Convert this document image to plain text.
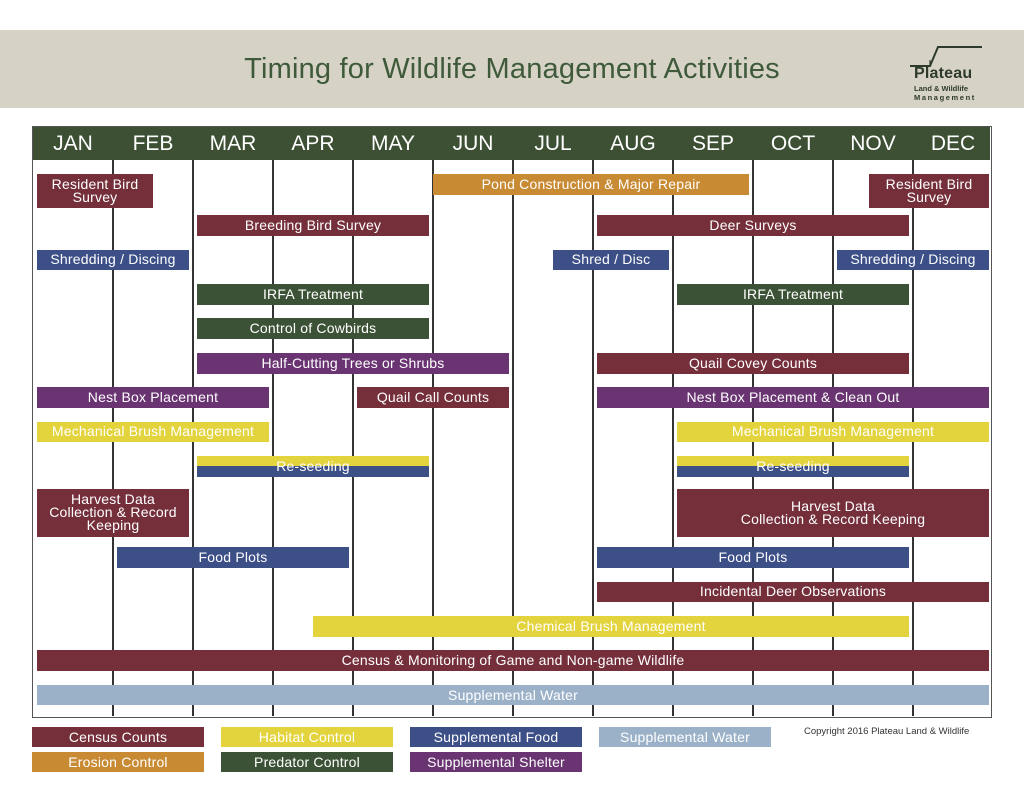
Timing for Wildlife Management Activities	Plateau
Land & Wildlife
Management
JAN	FEB	MAR	APR	MAY	JUN	JUL	AUG	SEP	OCT	NOV	DEC
Resident Bird
Survey
Pond Construction & Major Repair	Resident Bird
Survey
Breeding Bird Survey	Deer Surveys
Shredding / Discing	Shred / Disc	Shredding / Discing
IRFA Treatment	IRFA Treatment
Control of Cowbirds
Half-Cutting Trees or Shrubs	Quail Covey Counts
Nest Box Placement	Quail Call Counts	Nest Box Placement & Clean Out
Mechanical Brush Management	Mechanical Brush Management
Re-seeding	Re-seeding
Harvest Data
Collection & Record
Keeping
Harvest Data
Collection & Record Keeping
Food Plots	Food Plots
Incidental Deer Observations
Chemical Brush Management
Census & Monitoring of Game and Non-game Wildlife
Supplemental Water
Census Counts	Habitat Control	Supplemental Food	Supplemental Water
Erosion Control	Predator Control	Supplemental Shelter
Copyright 2016 Plateau Land & Wildlife
